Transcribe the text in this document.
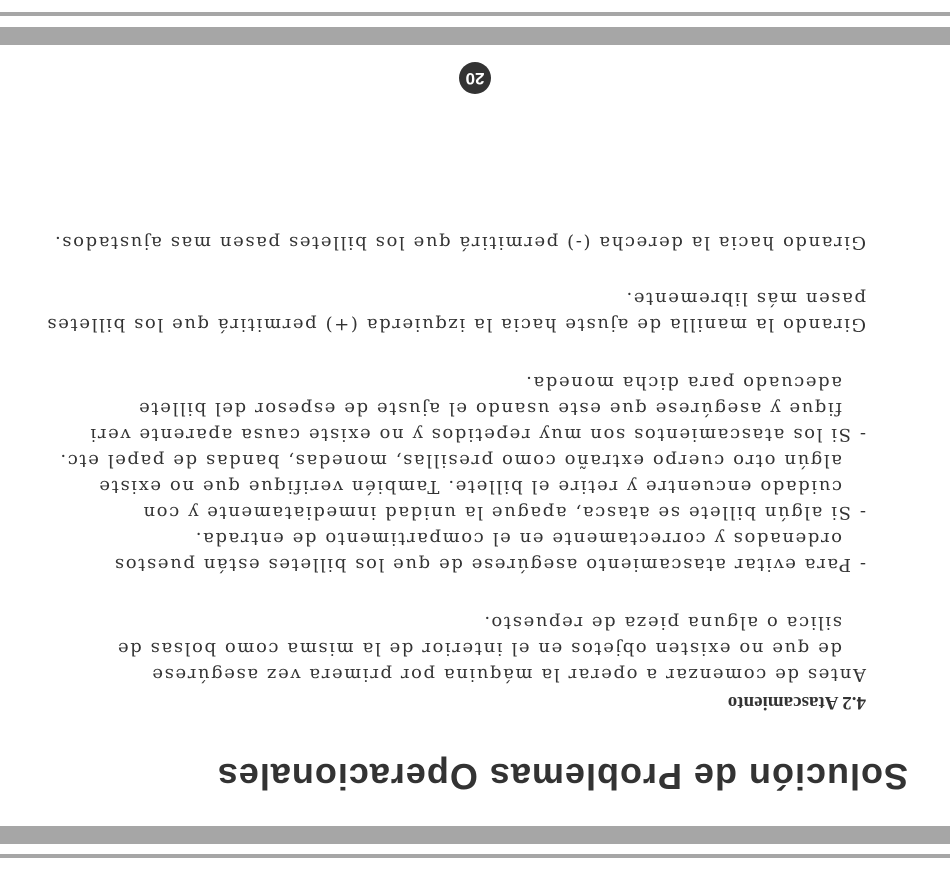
Solución de Problemas Operacionales
4.2 Atascamiento
Antes de comenzar a operar la máquina por primera vez asegúrese
de que no existen objetos en el interior de la misma como bolsas de
silica o alguna pieza de repuesto.
- Para evitar atascamiento asegúrese de que los billetes están puestos
ordenados y correctamente en el compartimento de entrada.
- Si algún billete se atasca, apague la unidad inmediatamente y con
cuidado encuentre y retire el billete. También verifique que no existe
algún otro cuerpo extraño como presillas, monedas, bandas de papel etc.
- Si los atascamientos son muy repetidos y no existe causa aparente veri
fique y asegúrese que este usando el ajuste de espesor del billete
adecuado para dicha moneda.
Girando la manilla de ajuste hacia la izquierda (+) permitirá que los billetes
pasen más libremente.
Girando hacia la derecha (-) permitirá que los billetes pasen mas ajustados.
20
